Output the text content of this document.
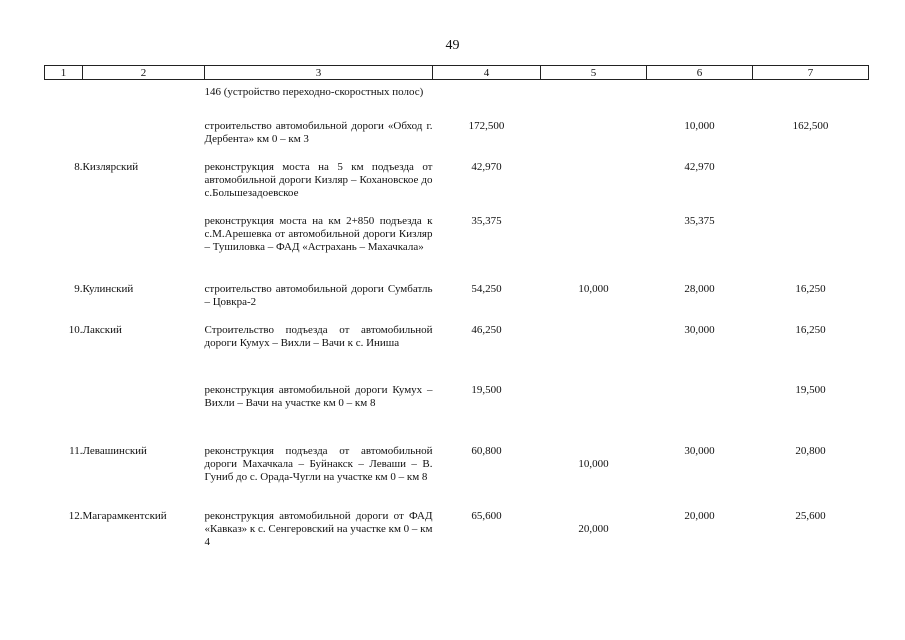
49
1	2	3	4	5	6	7
		146 (устройство переходно-скоростных полос)				
		строительство автомобильной дороги «Обход г. Дербента» км 0 – км 3	172,500		10,000	162,500
8.	Кизлярский	реконструкция моста на 5 км подъезда от автомобильной дороги Кизляр – Кохановское до с.Большезадоевское	42,970		42,970	
		реконструкция моста на км 2+850 подъезда к с.М.Арешевка от автомобильной дороги Кизляр – Тушиловка – ФАД «Астрахань – Махачкала»	35,375		35,375	
9.	Кулинский	строительство автомобильной дороги Сумбатль – Цовкра-2	54,250	10,000	28,000	16,250
10.	Лакский	Строительство подъезда от автомобильной дороги Кумух – Вихли – Вачи к с. Иниша	46,250		30,000	16,250
		реконструкция автомобильной дороги Кумух – Вихли – Вачи на участке км 0 – км 8	19,500			19,500
11.	Левашинский	реконструкция подъезда от автомобильной дороги Махачкала – Буйнакск – Леваши – В. Гуниб до с. Орада-Чугли на участке км 0 – км 8	60,800	10,000	30,000	20,800
12.	Магарамкентский	реконструкция автомобильной дороги от ФАД «Кавказ» к с. Сенгеровский на участке км 0 – км 4	65,600	20,000	20,000	25,600
